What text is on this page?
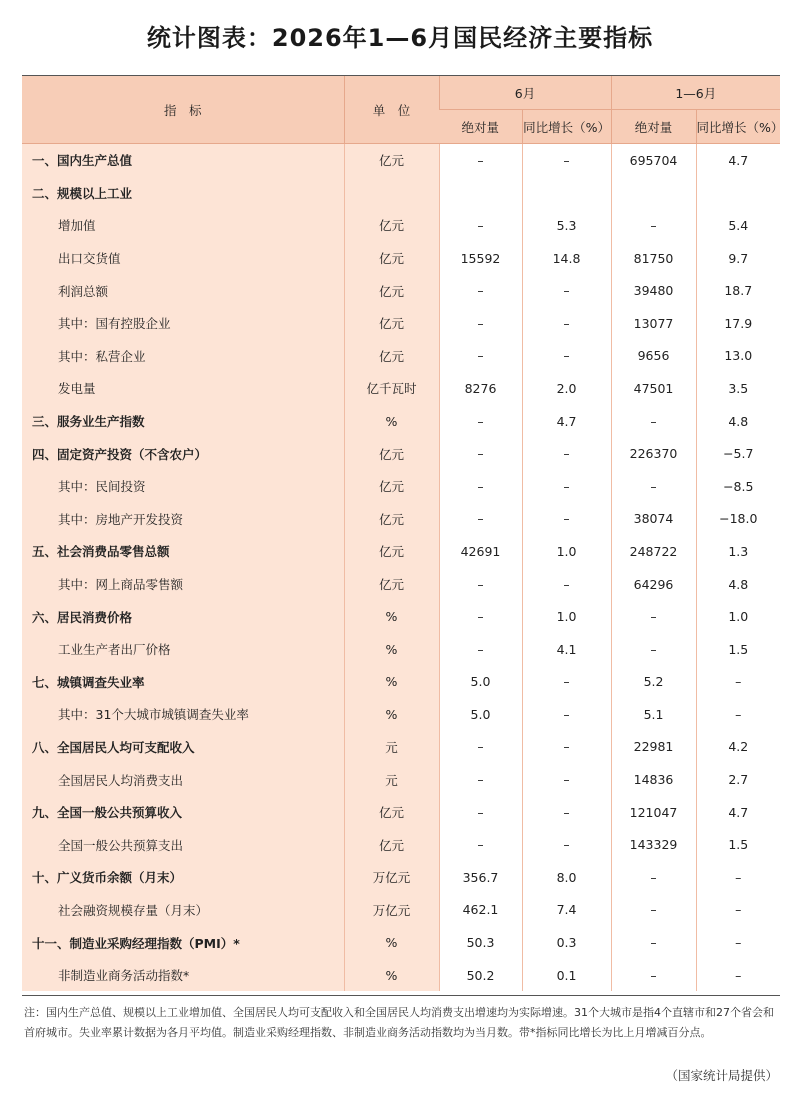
统计图表：2026年1—6月国民经济主要指标
指　标	单　位	6月		1—6月	
		绝对量	同比增长（%）	绝对量	同比增长（%）
一、国内生产总值	亿元	–	–	695704	4.7
二、规模以上工业					
增加值	亿元	–	5.3	–	5.4
出口交货值	亿元	15592	14.8	81750	9.7
利润总额	亿元	–	–	39480	18.7
其中：国有控股企业	亿元	–	–	13077	17.9
其中：私营企业	亿元	–	–	9656	13.0
发电量	亿千瓦时	8276	2.0	47501	3.5
三、服务业生产指数	%	–	4.7	–	4.8
四、固定资产投资（不含农户）	亿元	–	–	226370	−5.7
其中：民间投资	亿元	–	–	–	−8.5
其中：房地产开发投资	亿元	–	–	38074	−18.0
五、社会消费品零售总额	亿元	42691	1.0	248722	1.3
其中：网上商品零售额	亿元	–	–	64296	4.8
六、居民消费价格	%	–	1.0	–	1.0
工业生产者出厂价格	%	–	4.1	–	1.5
七、城镇调查失业率	%	5.0	–	5.2	–
其中：31个大城市城镇调查失业率	%	5.0	–	5.1	–
八、全国居民人均可支配收入	元	–	–	22981	4.2
全国居民人均消费支出	元	–	–	14836	2.7
九、全国一般公共预算收入	亿元	–	–	121047	4.7
全国一般公共预算支出	亿元	–	–	143329	1.5
十、广义货币余额（月末）	万亿元	356.7	8.0	–	–
社会融资规模存量（月末）	万亿元	462.1	7.4	–	–
十一、制造业采购经理指数（PMI）*	%	50.3	0.3	–	–
非制造业商务活动指数*	%	50.2	0.1	–	–
注：国内生产总值、规模以上工业增加值、全国居民人均可支配收入和全国居民人均消费支出增速均为实际增速。31个大城市是指4个直辖市和27个省会和首府城市。失业率累计数据为各月平均值。制造业采购经理指数、非制造业商务活动指数均为当月数。带*指标同比增长为比上月增减百分点。
（国家统计局提供）
